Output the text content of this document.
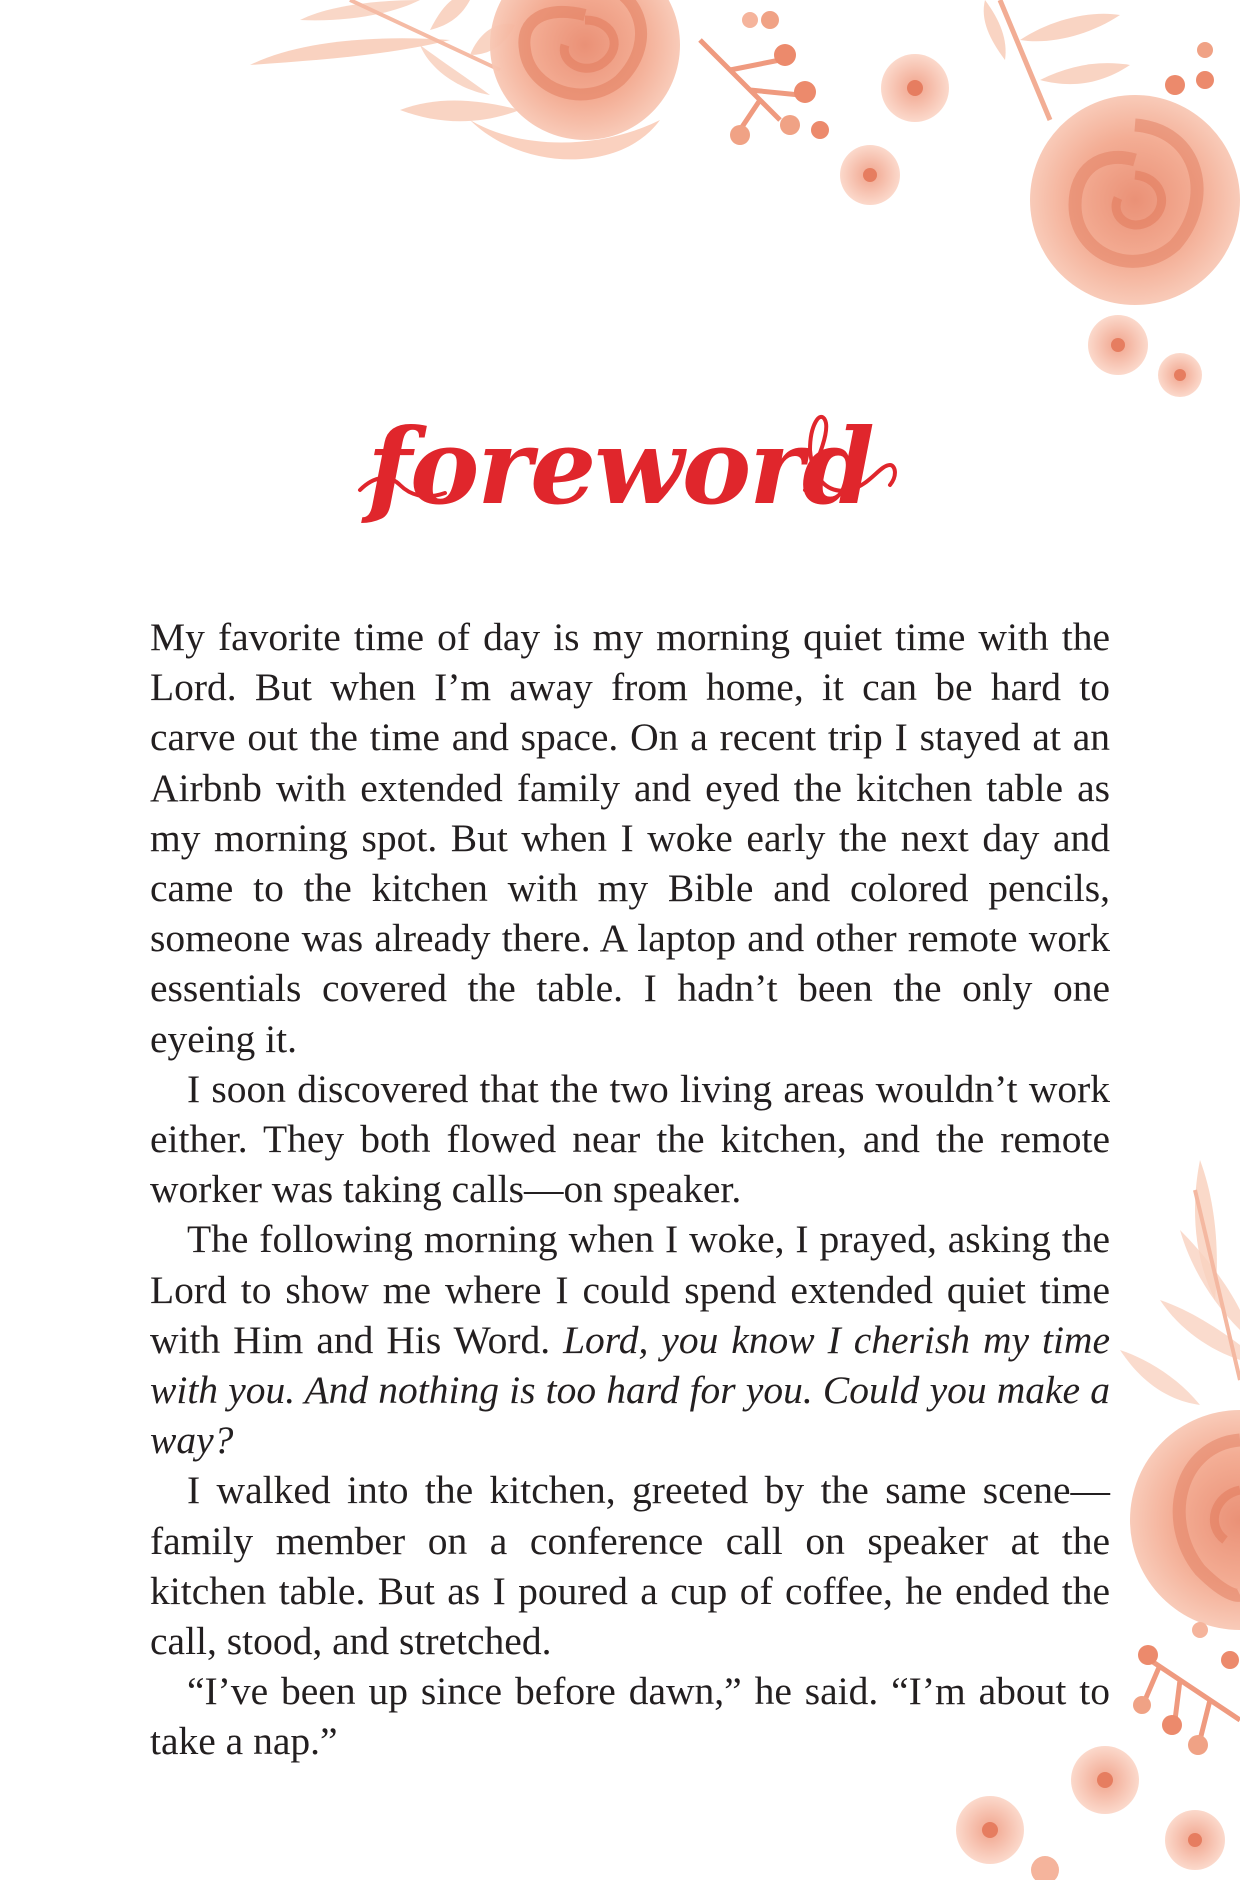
foreword

My favorite time of day is my morning quiet time with the Lord. But when I’m away from home, it can be hard to carve out the time and space. On a recent trip I stayed at an Airbnb with extended family and eyed the kitchen table as my morning spot. But when I woke early the next day and came to the kitchen with my Bible and colored pencils, someone was already there. A laptop and other remote work essentials covered the table. I hadn’t been the only one eyeing it.

I soon discovered that the two living areas wouldn’t work either. They both flowed near the kitchen, and the remote worker was taking calls—on speaker.

The following morning when I woke, I prayed, asking the Lord to show me where I could spend extended quiet time with Him and His Word. Lord, you know I cherish my time with you. And nothing is too hard for you. Could you make a way?

I walked into the kitchen, greeted by the same scene—family member on a conference call on speaker at the kitchen table. But as I poured a cup of coffee, he ended the call, stood, and stretched.

“I’ve been up since before dawn,” he said. “I’m about to take a nap.”
